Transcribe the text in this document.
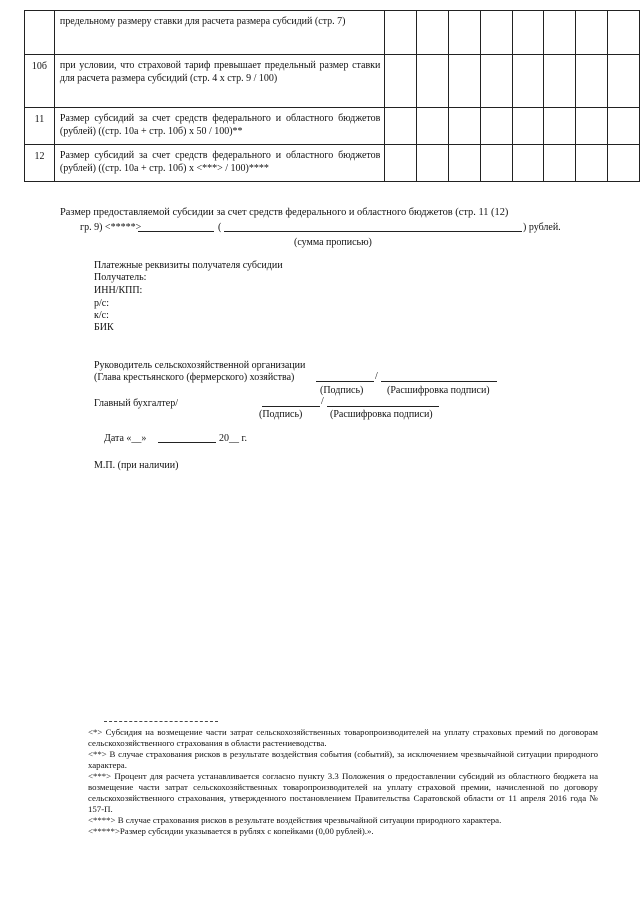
	предельному размеру ставки для расчета размера субсидий (стр. 7)								
10б	при условии, что страховой тариф превышает предельный размер ставки для расчета размера субсидий (стр. 4 х стр. 9 / 100)								
11	Размер субсидий за счет средств федерального и областного бюджетов (рублей) ((стр. 10а + стр. 10б) х 50 / 100)**								
12	Размер субсидий за счет средств федерального и областного бюджетов (рублей) ((стр. 10а + стр. 10б) х <***> / 100)****								
Размер предоставляемой субсидии за счет средств федерального и областного бюджетов (стр. 11 (12)
гр. 9) <*****>	(	) рублей.
(сумма прописью)
Платежные реквизиты получателя субсидии
Получатель:
ИНН/КПП:
р/с:
к/с:
БИК
Руководитель сельскохозяйственной организации
(Глава крестьянского (фермерского) хозяйства)	/
(Подпись) (Расшифровка подписи)
Главный бухгалтер/	/
(Подпись)	(Расшифровка подписи)
Дата «__»	20__ г.
М.П. (при наличии)

<*> Субсидия на возмещение части затрат сельскохозяйственных товаропроизводителей на уплату страховых премий по договорам сельскохозяйственного страхования в области растениеводства.

<**> В случае страхования рисков в результате воздействия события (событий), за исключением чрезвычайной ситуации природного характера.

<***> Процент для расчета устанавливается согласно пункту 3.3 Положения о предоставлении субсидий из областного бюджета на возмещение части затрат сельскохозяйственных товаропроизводителей на уплату страховой премии, начисленной по договору сельскохозяйственного страхования, утвержденного постановлением Правительства Саратовской области от 11 апреля 2016 года № 157-П.

<****> В случае страхования рисков в результате воздействия чрезвычайной ситуации природного характера.

<*****>Размер субсидии указывается в рублях с копейками (0,00 рублей).».
